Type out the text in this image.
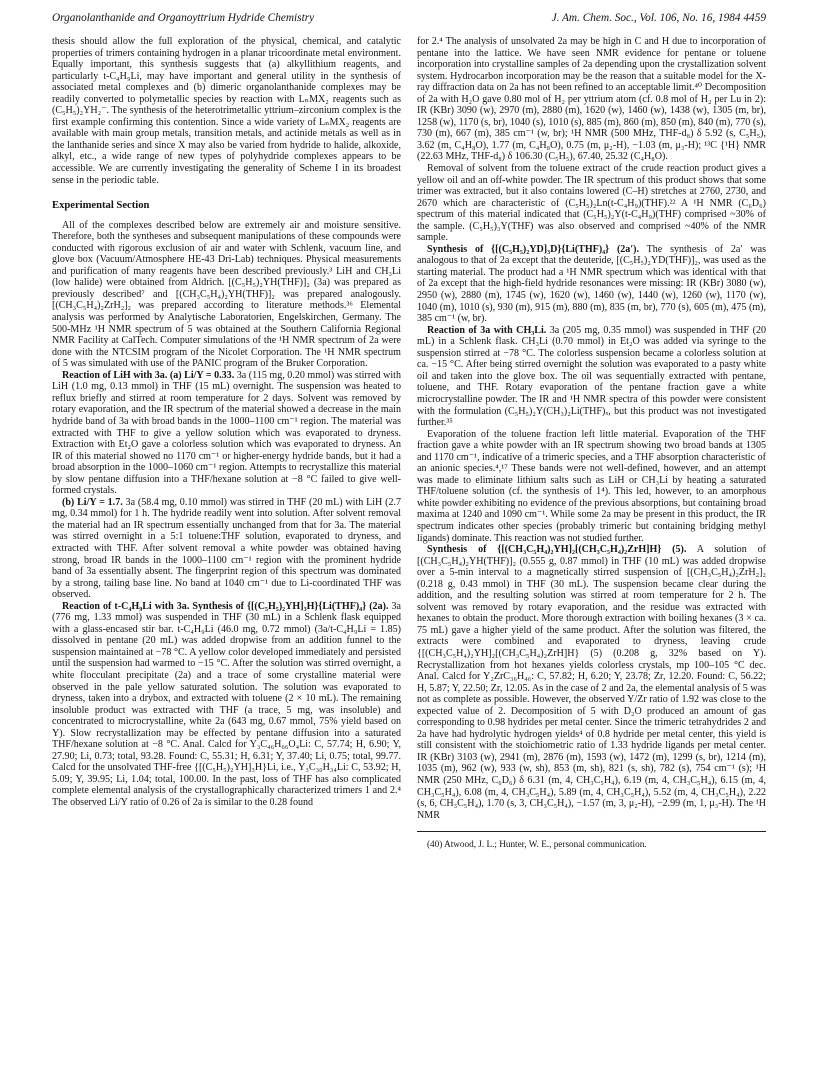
Organolanthanide and Organoyttrium Hydride Chemistry	J. Am. Chem. Soc., Vol. 106, No. 16, 1984 4459

thesis should allow the full exploration of the physical, chemical, and catalytic properties of trimers containing hydrogen in a planar tricoordinate metal environment. Equally important, this synthesis suggests that (a) alkyllithium reagents, and particularly t-C₄H₉Li, may have important and general utility in the synthesis of associated metal complexes and (b) dimeric organolanthanide complexes may be readily converted to polymetallic species by reaction with LₙMX₂ reagents such as (C₅H₅)₂YH₂⁻. The synthesis of the heterotrimetallic yttrium–zirconium complex is the first example confirming this contention. Since a wide variety of LₙMX₂ reagents are available with main group metals, transition metals, and actinide metals as well as in the lanthanide series and since X may also be varied from hydride to halide, alkoxide, alkyl, etc., a wide range of new types of polyhydride complexes appears to be accessible. We are currently investigating the generality of Scheme I in its broadest sense in the periodic table.

Experimental Section

All of the complexes described below are extremely air and moisture sensitive. Therefore, both the syntheses and subsequent manipulations of these compounds were conducted with rigorous exclusion of air and water with Schlenk, vacuum line, and glove box (Vacuum/Atmosphere HE-43 Dri-Lab) techniques. Physical measurements and purification of many reagents have been described previously.³ LiH and CH₃Li (low halide) were obtained from Aldrich. [(C₅H₅)₂YH(THF)]₂ (3a) was prepared as previously described⁷ and [(CH₃C₅H₄)₂YH(THF)]₂ was prepared analogously. [(CH₃C₅H₄)₂ZrH₂]₂ was prepared according to literature methods.³⁶ Elemental analysis was performed by Analytische Laboratorien, Engelskirchen, Germany. The 500-MHz ¹H NMR spectrum of 5 was obtained at the Southern California Regional NMR Facility at CalTech. Computer simulations of the ¹H NMR spectrum of 2a were done with the NTCSIM program of the Nicolet Corporation. The ¹H NMR spectrum of 5 was simulated with use of the PANIC program of the Bruker Corporation.

Reaction of LiH with 3a. (a) Li/Y = 0.33. 3a (115 mg, 0.20 mmol) was stirred with LiH (1.0 mg, 0.13 mmol) in THF (15 mL) overnight. The suspension was heated to reflux briefly and stirred at room temperature for 2 days. Solvent was removed by rotary evaporation, and the IR spectrum of the material showed a decrease in the main hydride band of 3a with broad bands in the 1000–1100 cm⁻¹ region. The material was extracted with THF to give a yellow solution which was evaporated to dryness. Extraction with Et₂O gave a colorless solution which was evaporated to dryness. An IR of this material showed no 1170 cm⁻¹ or higher-energy hydride bands, but it had a broad absorption in the 1000–1060 cm⁻¹ region. Attempts to recrystallize this material by slow pentane diffusion into a THF/hexane solution at −8 °C failed to give well-formed crystals.

(b) Li/Y = 1.7. 3a (58.4 mg, 0.10 mmol) was stirred in THF (20 mL) with LiH (2.7 mg, 0.34 mmol) for 1 h. The hydride readily went into solution. After solvent removal the material had an IR spectrum essentially unchanged from that for 3a. The material was stirred overnight in a 5:1 toluene:THF solution, evaporated to dryness, and extracted with THF. After solvent removal a white powder was obtained having strong, broad IR bands in the 1000–1100 cm⁻¹ region with the prominent hydride band of 3a essentially absent. The fingerprint region of this spectrum was dominated by a strong, tailing base line. No band at 1040 cm⁻¹ due to Li-coordinated THF was observed.

Reaction of t-C₄H₉Li with 3a. Synthesis of {[(C₅H₅)₂YH]₃H}{Li(THF)₄} (2a). 3a (776 mg, 1.33 mmol) was suspended in THF (30 mL) in a Schlenk flask equipped with a glass-encased stir bar. t-C₄H₉Li (46.0 mg, 0.72 mmol) (3a/t-C₄H₉Li = 1.85) dissolved in pentane (20 mL) was added dropwise from an addition funnel to the suspension maintained at −78 °C. A yellow color developed immediately and persisted until the suspension had warmed to −15 °C. After the solution was stirred overnight, a white flocculant precipitate (2a) and a trace of some crystalline material were observed in the pale yellow saturated solution. The solution was evaporated to dryness, taken into a drybox, and extracted with toluene (2 × 10 mL). The remaining insoluble product was extracted with THF (a trace, 5 mg, was insoluble) and concentrated to microcrystalline, white 2a (643 mg, 0.67 mmol, 75% yield based on Y). Slow recrystallization may be effected by pentane diffusion into a saturated THF/hexane solution at −8 °C. Anal. Calcd for Y₃C₄₆H₆₆O₄Li: C, 57.74; H, 6.90; Y, 27.90; Li, 0.73; total, 93.28. Found: C, 55.31; H, 6.31; Y, 37.40; Li, 0.75; total, 99.77. Calcd for the unsolvated THF-free {[(C₅H₅)₂YH]₃H}Li, i.e., Y₃C₃₀H₃₄Li: C, 53.92; H, 5.09; Y, 39.95; Li, 1.04; total, 100.00. In the past, loss of THF has also complicated complete elemental analysis of the crystallographically characterized trimers 1 and 2.⁴ The observed Li/Y ratio of 0.26 of 2a is similar to the 0.28 found

for 2.⁴ The analysis of unsolvated 2a may be high in C and H due to incorporation of pentane into the lattice. We have seen NMR evidence for pentane or toluene incorporation into crystalline samples of 2a depending upon the crystallization solvent system. Hydrocarbon incorporation may be the reason that a suitable model for the X-ray diffraction data on 2a has not been refined to an acceptable limit.⁴⁰ Decomposition of 2a with H₂O gave 0.80 mol of H₂ per yttrium atom (cf. 0.8 mol of H₂ per Lu in 2): IR (KBr) 3090 (w), 2970 (m), 2880 (m), 1620 (w), 1460 (w), 1438 (w), 1305 (m, br), 1258 (w), 1170 (s, br), 1040 (s), 1010 (s), 885 (m), 860 (m), 850 (m), 840 (m), 770 (s), 730 (m), 667 (m), 385 cm⁻¹ (w, br); ¹H NMR (500 MHz, THF-d₈) δ 5.92 (s, C₅H₅), 3.62 (m, C₄H₈O), 1.77 (m, C₄H₈O), 0.75 (m, μ₂-H), −1.03 (m, μ₃-H); ¹³C {¹H} NMR (22.63 MHz, THF-d₈) δ 106.30 (C₅H₅), 67.40, 25.32 (C₄H₈O).

Removal of solvent from the toluene extract of the crude reaction product gives a yellow oil and an off-white powder. The IR spectrum of this product shows that some trimer was extracted, but it also contains lowered (C–H) stretches at 2760, 2730, and 2670 which are characteristic of (C₅H₅)₂Ln(t-C₄H₉)(THF).²² A ¹H NMR (C₆D₆) spectrum of this material indicated that (C₅H₅)₂Y(t-C₄H₉)(THF) comprised ~30% of the sample. (C₅H₅)₃Y(THF) was also observed and comprised ~40% of the NMR sample.

Synthesis of {[(C₅H₅)₂YD]₃D}{Li(THF)₄} (2a′). The synthesis of 2a′ was analogous to that of 2a except that the deuteride, [(C₅H₅)₂YD(THF)]₂, was used as the starting material. The product had a ¹H NMR spectrum which was identical with that of 2a except that the high-field hydride resonances were missing: IR (KBr) 3080 (w), 2950 (w), 2880 (m), 1745 (w), 1620 (w), 1460 (w), 1440 (w), 1260 (w), 1170 (w), 1040 (m), 1010 (s), 930 (m), 915 (m), 880 (m), 835 (m, br), 770 (s), 605 (m), 475 (m), 385 cm⁻¹ (w, br).

Reaction of 3a with CH₃Li. 3a (205 mg, 0.35 mmol) was suspended in THF (20 mL) in a Schlenk flask. CH₃Li (0.70 mmol) in Et₂O was added via syringe to the suspension stirred at −78 °C. The colorless suspension became a colorless solution at ca. −15 °C. After being stirred overnight the solution was evaporated to a pasty white oil and taken into the glove box. The oil was sequentially extracted with pentane, toluene, and THF. Rotary evaporation of the pentane fraction gave a white microcrystalline powder. The IR and ¹H NMR spectra of this powder were consistent with the formulation (C₅H₅)₂Y(CH₃)₂Li(THF)ₓ, but this product was not investigated further.³⁵

Evaporation of the toluene fraction left little material. Evaporation of the THF fraction gave a white powder with an IR spectrum showing two broad bands at 1305 and 1170 cm⁻¹, indicative of a trimeric species, and a THF absorption characteristic of an anionic species.⁴,¹⁷ These bands were not well-defined, however, and an attempt was made to eliminate lithium salts such as LiH or CH₃Li by heating a saturated THF/toluene solution (cf. the synthesis of 1⁴). This led, however, to an amorphous white powder exhibiting no evidence of the previous absorptions, but containing broad maxima at 1240 and 1090 cm⁻¹. While some 2a may be present in this product, the IR spectrum indicates other species (probably trimeric but containing bridging methyl ligands) dominate. This reaction was not studied further.

Synthesis of {[(CH₃C₅H₄)₂YH]₂[(CH₃C₅H₄)₂ZrH]H} (5). A solution of [(CH₃C₅H₄)₂YH(THF)]₂ (0.555 g, 0.87 mmol) in THF (10 mL) was added dropwise over a 5-min interval to a magnetically stirred suspension of [(CH₃C₅H₄)₂ZrH₂]₂ (0.218 g, 0.43 mmol) in THF (30 mL). The suspension became clear during the addition, and the resulting solution was stirred at room temperature for 2 h. The solvent was removed by rotary evaporation, and the residue was extracted with hexanes to obtain the product. More thorough extraction with boiling hexanes (3 × ca. 75 mL) gave a higher yield of the same product. After the solution was filtered, the extracts were combined and evaporated to dryness, leaving crude {[(CH₃C₅H₄)₂YH]₂[(CH₃C₅H₄)₂ZrH]H} (5) (0.208 g, 32% based on Y). Recrystallization from hot hexanes yields colorless crystals, mp 100–105 °C dec. Anal. Calcd for Y₂ZrC₃₆H₄₆: C, 57.82; H, 6.20; Y, 23.78; Zr, 12.20. Found: C, 56.22; H, 5.87; Y, 22.50; Zr, 12.05. As in the case of 2 and 2a, the elemental analysis of 5 was not as complete as possible. However, the observed Y/Zr ratio of 1.92 was close to the expected value of 2. Decomposition of 5 with D₂O produced an amount of gas corresponding to 0.98 hydrides per metal center. Since the trimeric tetrahydrides 2 and 2a have had hydrolytic hydrogen yields⁴ of 0.8 hydride per metal center, this yield is still consistent with the stoichiometric ratio of 1.33 hydride ligands per metal center. IR (KBr) 3103 (w), 2941 (m), 2876 (m), 1593 (w), 1472 (m), 1299 (s, br), 1214 (m), 1035 (m), 962 (w), 933 (w, sh), 853 (m, sh), 821 (s, sh), 782 (s), 754 cm⁻¹ (s); ¹H NMR (250 MHz, C₆D₆) δ 6.31 (m, 4, CH₃C₅H₄), 6.19 (m, 4, CH₃C₅H₄), 6.15 (m, 4, CH₃C₅H₄), 6.08 (m, 4, CH₃C₅H₄), 5.89 (m, 4, CH₃C₅H₄), 5.52 (m, 4, CH₃C₅H₄), 2.22 (s, 6, CH₃C₅H₄), 1.70 (s, 3, CH₃C₅H₄), −1.57 (m, 3, μ₂-H), −2.99 (m, 1, μ₃-H). The ¹H NMR

(40) Atwood, J. L.; Hunter, W. E., personal communication.
